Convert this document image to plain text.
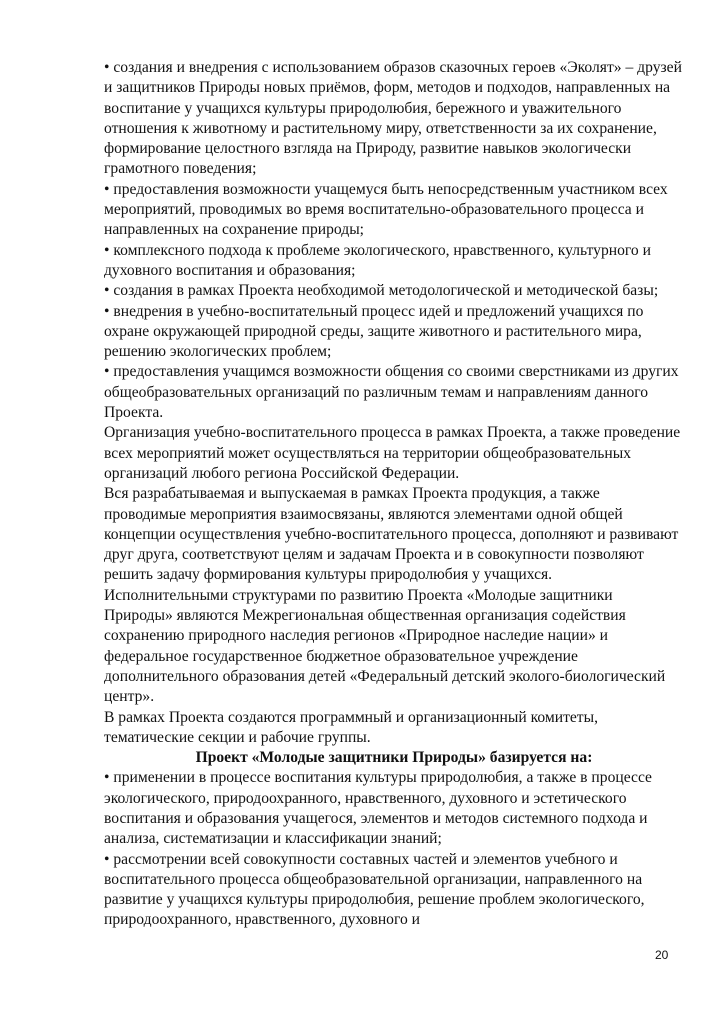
• создания и внедрения с использованием образов сказочных героев «Эколят» – друзей и защитников Природы новых приёмов, форм, методов и подходов, направленных на воспитание у учащихся культуры природолюбия, бережного и уважительного отношения к животному и растительному миру, ответственности за их сохранение, формирование целостного взгляда на Природу, развитие навыков экологически грамотного поведения;

• предоставления возможности учащемуся быть непосредственным участником всех мероприятий, проводимых во время воспитательно-образовательного процесса и направленных на сохранение природы;

• комплексного подхода к проблеме экологического, нравственного, культурного и духовного воспитания и образования;

• создания в рамках Проекта необходимой методологической и методической базы;

• внедрения в учебно-воспитательный процесс идей и предложений учащихся по охране окружающей природной среды, защите животного и растительного мира, решению экологических проблем;

• предоставления учащимся возможности общения со своими сверстниками из других общеобразовательных организаций по различным темам и направлениям данного Проекта.

Организация учебно-воспитательного процесса в рамках Проекта, а также проведение всех мероприятий может осуществляться на территории общеобразовательных организаций любого региона Российской Федерации.

Вся разрабатываемая и выпускаемая в рамках Проекта продукция, а также проводимые мероприятия взаимосвязаны, являются элементами одной общей концепции осуществления учебно-воспитательного процесса, дополняют и развивают друг друга, соответствуют целям и задачам Проекта и в совокупности позволяют решить задачу формирования культуры природолюбия у учащихся.

Исполнительными структурами по развитию Проекта «Молодые защитники Природы» являются Межрегиональная общественная организация содействия сохранению природного наследия регионов «Природное наследие нации» и федеральное государственное бюджетное образовательное учреждение дополнительного образования детей «Федеральный детский эколого-биологический центр».

В рамках Проекта создаются программный и организационный комитеты, тематические секции и рабочие группы.

Проект «Молодые защитники Природы» базируется на:

• применении в процессе воспитания культуры природолюбия, а также в процессе экологического, природоохранного, нравственного, духовного и эстетического воспитания и образования учащегося, элементов и методов системного подхода и анализа, систематизации и классификации знаний;

• рассмотрении всей совокупности составных частей и элементов учебного и воспитательного процесса общеобразовательной организации, направленного на развитие у учащихся культуры природолюбия, решение проблем экологического, природоохранного, нравственного, духовного и

20
